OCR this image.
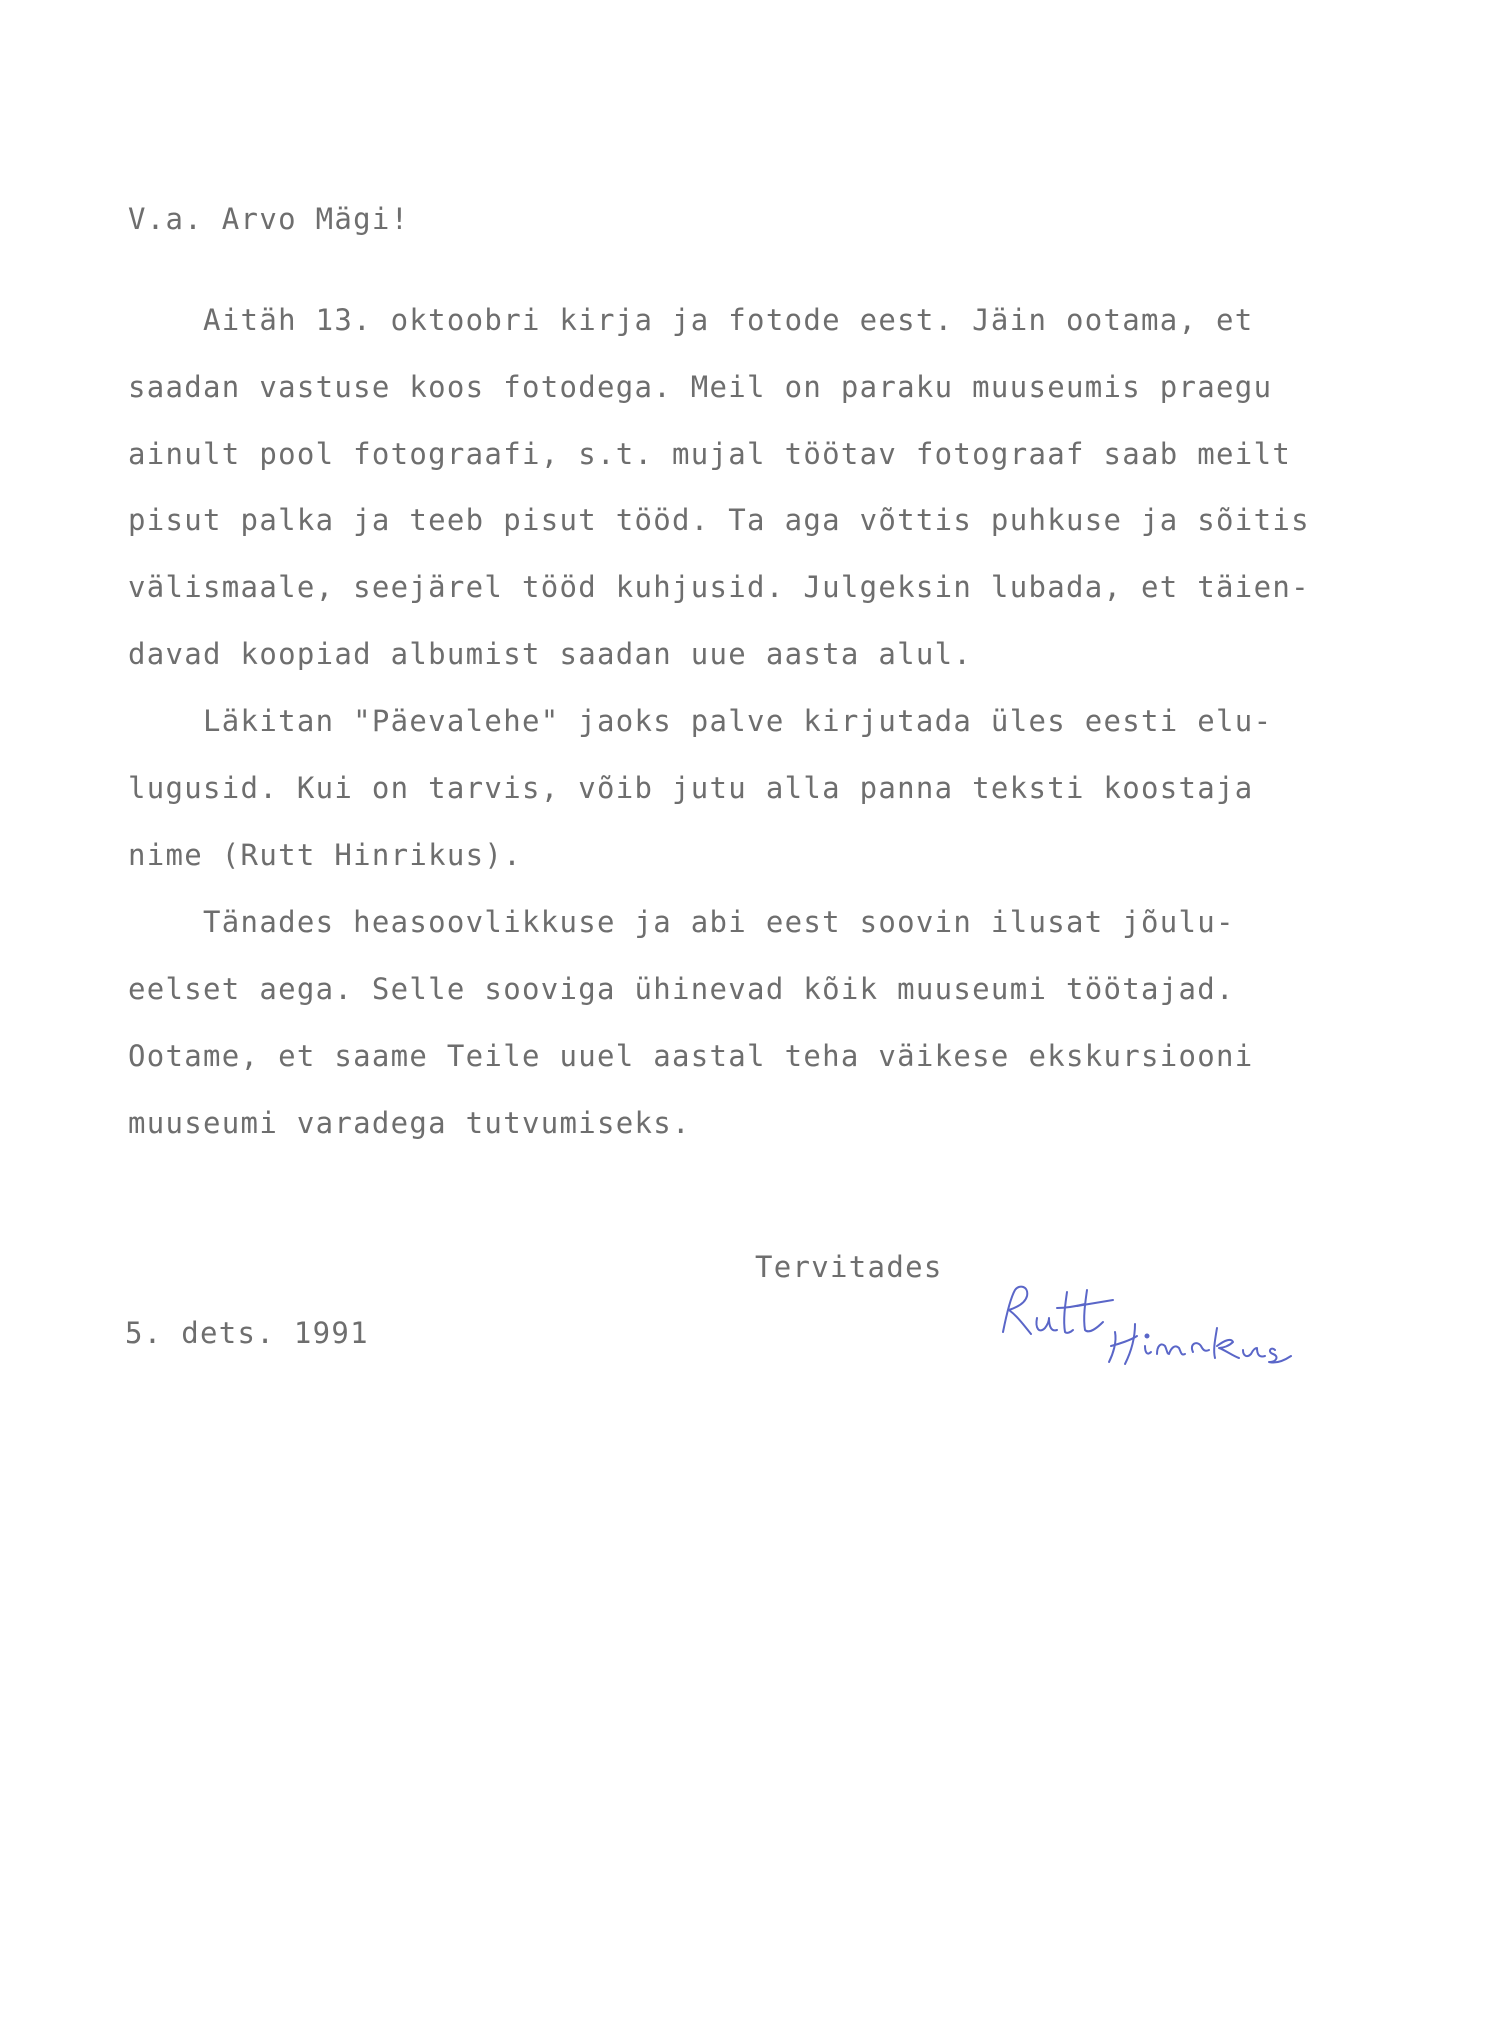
V.a. Arvo Mägi!
Aitäh 13. oktoobri kirja ja fotode eest. Jäin ootama, et
saadan vastuse koos fotodega. Meil on paraku muuseumis praegu
ainult pool fotograafi, s.t. mujal töötav fotograaf saab meilt
pisut palka ja teeb pisut tööd. Ta aga võttis puhkuse ja sõitis
välismaale, seejärel tööd kuhjusid. Julgeksin lubada, et täien-
davad koopiad albumist saadan uue aasta alul.
Läkitan "Päevalehe" jaoks palve kirjutada üles eesti elu-
lugusid. Kui on tarvis, võib jutu alla panna teksti koostaja
nime (Rutt Hinrikus).
Tänades heasoovlikkuse ja abi eest soovin ilusat jõulu-
eelset aega. Selle sooviga ühinevad kõik muuseumi töötajad.
Ootame, et saame Teile uuel aastal teha väikese ekskursiooni
muuseumi varadega tutvumiseks.
Tervitades
5. dets. 1991
